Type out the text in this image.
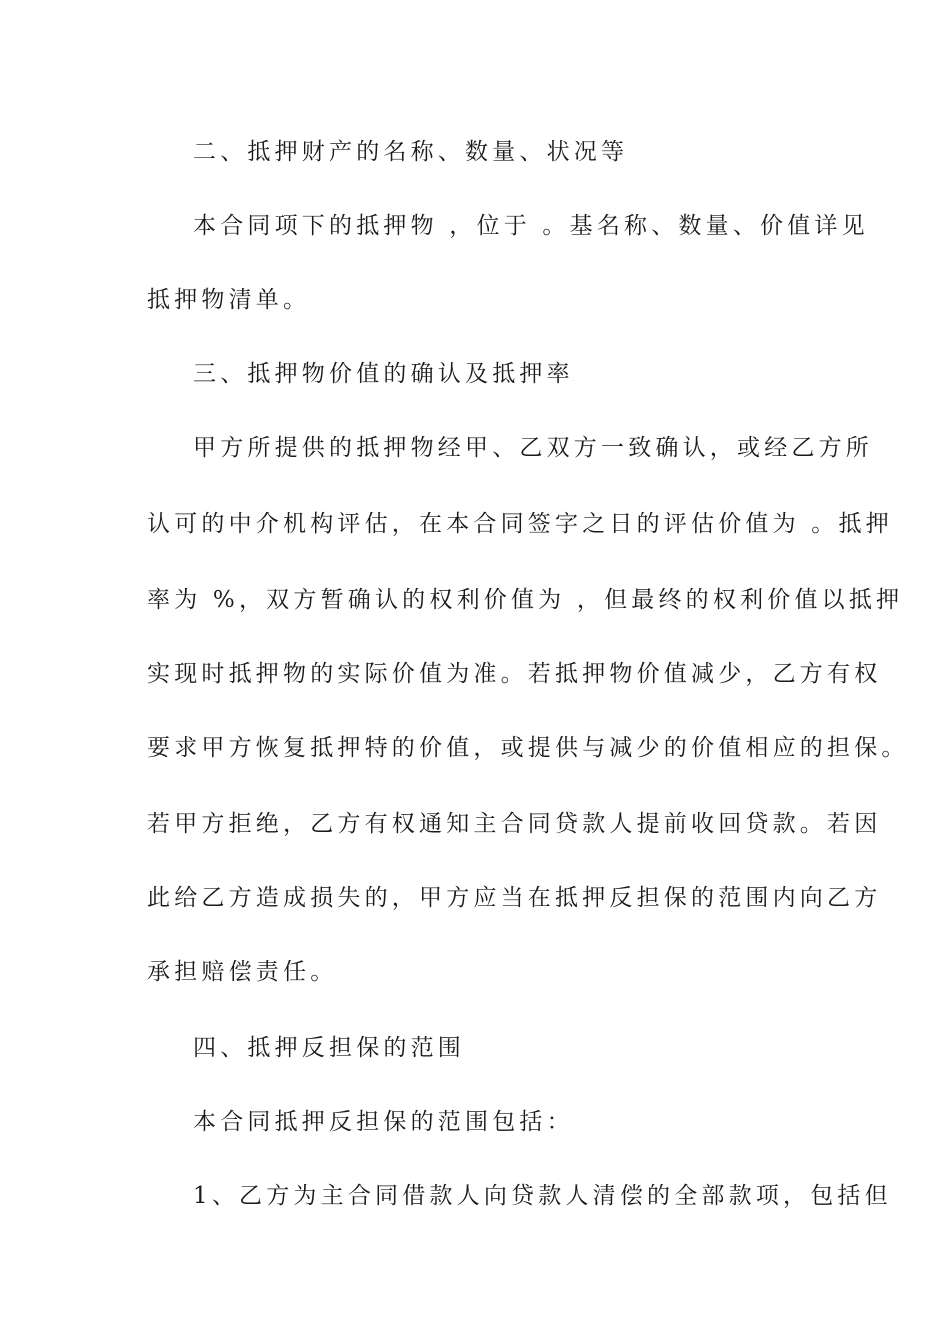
二、抵押财产的名称、数量、状况等
本合同项下的抵押物 ，位于 。基名称、数量、价值详见
抵押物清单。
三、抵押物价值的确认及抵押率
甲方所提供的抵押物经甲、乙双方一致确认，或经乙方所
认可的中介机构评估，在本合同签字之日的评估价值为 。抵押
率为 %，双方暂确认的权利价值为 ，但最终的权利价值以抵押
实现时抵押物的实际价值为准。若抵押物价值减少，乙方有权
要求甲方恢复抵押特的价值，或提供与减少的价值相应的担保。
若甲方拒绝，乙方有权通知主合同贷款人提前收回贷款。若因
此给乙方造成损失的，甲方应当在抵押反担保的范围内向乙方
承担赔偿责任。
四、抵押反担保的范围
本合同抵押反担保的范围包括：
1、乙方为主合同借款人向贷款人清偿的全部款项，包括但
